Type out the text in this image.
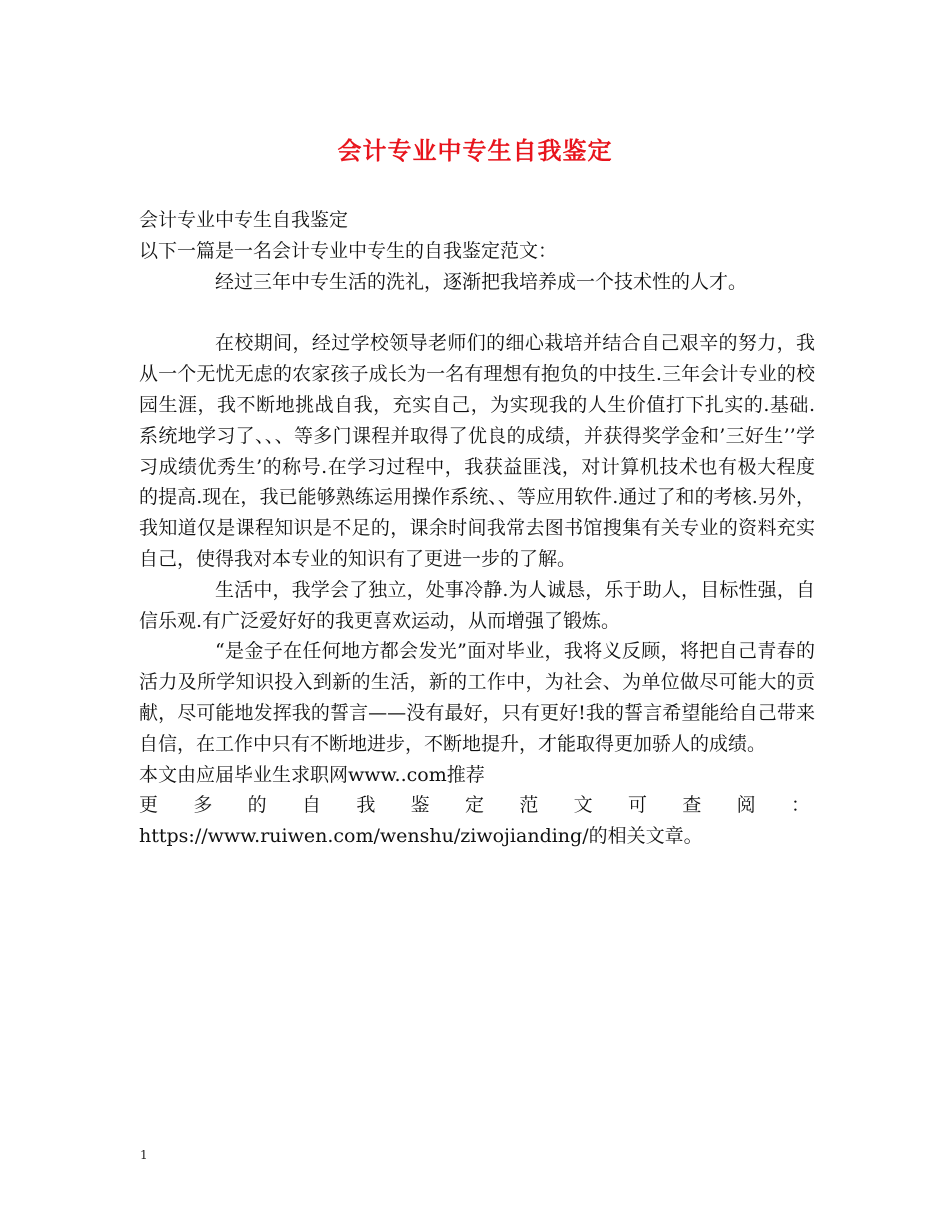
会计专业中专生自我鉴定
会计专业中专生自我鉴定
以下一篇是一名会计专业中专生的自我鉴定范文：

经过三年中专生活的洗礼，逐渐把我培养成一个技术性的人才。

在校期间，经过学校领导老师们的细心栽培并结合自己艰辛的努力，我从一个无忧无虑的农家孩子成长为一名有理想有抱负的中技生.三年会计专业的校园生涯，我不断地挑战自我，充实自己，为实现我的人生价值打下扎实的.基础.系统地学习了、、、等多门课程并取得了优良的成绩，并获得奖学金和’三好生’’学习成绩优秀生’的称号.在学习过程中，我获益匪浅，对计算机技术也有极大程度的提高.现在，我已能够熟练运用操作系统、、等应用软件.通过了和的考核.另外，我知道仅是课程知识是不足的，课余时间我常去图书馆搜集有关专业的资料充实自己，使得我对本专业的知识有了更进一步的了解。

生活中，我学会了独立，处事冷静.为人诚恳，乐于助人，目标性强，自信乐观.有广泛爱好好的我更喜欢运动，从而增强了锻炼。

“是金子在任何地方都会发光”面对毕业，我将义反顾，将把自己青春的活力及所学知识投入到新的生活，新的工作中，为社会、为单位做尽可能大的贡献，尽可能地发挥我的誓言——没有最好，只有更好!我的誓言希望能给自己带来自信，在工作中只有不断地进步，不断地提升，才能取得更加骄人的成绩。

本文由应届毕业生求职网www..com推荐

更多的自我鉴定范文可查阅：https://www.ruiwen.com/wenshu/ziwojianding/的相关文章。

1
